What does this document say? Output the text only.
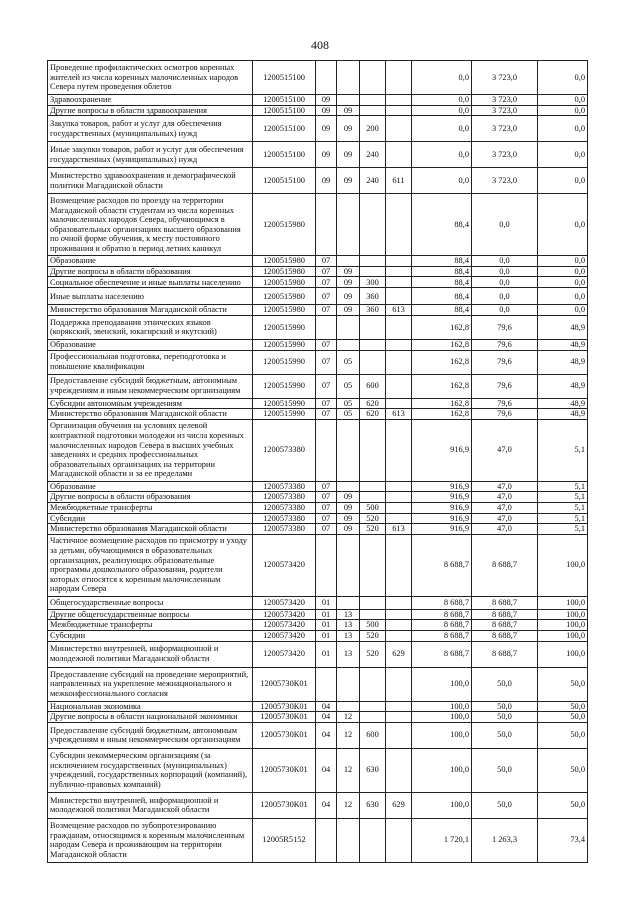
408
Проведение профилактических осмотров коренных жителей из числа коренных малочисленных народов Севера путем проведения облетов	1200515100					0,0	3 723,0	0,0
Здравоохранение	1200515100	09				0,0	3 723,0	0,0
Другие вопросы в области здравоохранения	1200515100	09	09			0,0	3 723,0	0,0
Закупка товаров, работ и услуг для обеспечения государственных (муниципальных) нужд	1200515100	09	09	200		0,0	3 723,0	0,0
Иные закупки товаров, работ и услуг для обеспечения государственных (муниципальных) нужд	1200515100	09	09	240		0,0	3 723,0	0,0
Министерство здравоохранения и демографической политики Магаданской области	1200515100	09	09	240	611	0,0	3 723,0	0,0
Возмещение расходов по проезду на территории Магаданской области студентам из числа коренных малочисленных народов Севера, обучающимся в образовательных организациях высшего образования по очной форме обучения, к месту постоянного проживания и обратно в период летних каникул	1200515980					88,4	0,0	0,0
Образование	1200515980	07				88,4	0,0	0,0
Другие вопросы в области образования	1200515980	07	09			88,4	0,0	0,0
Социальное обеспечение и иные выплаты населению	1200515980	07	09	300		88,4	0,0	0,0
Иные выплаты населению	1200515980	07	09	360		88,4	0,0	0,0
Министерство образования Магаданской области	1200515980	07	09	360	613	88,4	0,0	0,0
Поддержка преподавания этнических языков (корякский, эвенский, юкагирский и якутский)	1200515990					162,8	79,6	48,9
Образование	1200515990	07				162,8	79,6	48,9
Профессиональная подготовка, переподготовка и повышение квалификации	1200515990	07	05			162,8	79,6	48,9
Предоставление субсидий бюджетным, автономным учреждениям и иным некоммерческим организациям	1200515990	07	05	600		162,8	79,6	48,9
Субсидии автономным учреждениям	1200515990	07	05	620		162,8	79,6	48,9
Министерство образования Магаданской области	1200515990	07	05	620	613	162,8	79,6	48,9
Организация обучения на условиях целевой контрактной подготовки молодежи из числа коренных малочисленных народов Севера в высших учебных заведениях и средних профессиональных образовательных организациях на территории Магаданской области и за ее пределами	1200573380					916,9	47,0	5,1
Образование	1200573380	07				916,9	47,0	5,1
Другие вопросы в области образования	1200573380	07	09			916,9	47,0	5,1
Межбюджетные трансферты	1200573380	07	09	500		916,9	47,0	5,1
Субсидии	1200573380	07	09	520		916,9	47,0	5,1
Министерство образования Магаданской области	1200573380	07	09	520	613	916,9	47,0	5,1
Частичное возмещение расходов по присмотру и уходу за детьми, обучающимися в образовательных организациях, реализующих образовательные программы дошкольного образования, родители которых относятся к коренным малочисленным народам Севера	1200573420					8 688,7	8 688,7	100,0
Общегосударственные вопросы	1200573420	01				8 688,7	8 688,7	100,0
Другие общегосударственные вопросы	1200573420	01	13			8 688,7	8 688,7	100,0
Межбюджетные трансферты	1200573420	01	13	500		8 688,7	8 688,7	100,0
Субсидии	1200573420	01	13	520		8 688,7	8 688,7	100,0
Министерство внутренней, информационной и молодежной политики Магаданской области	1200573420	01	13	520	629	8 688,7	8 688,7	100,0
Предоставление субсидий на проведение мероприятий, направленных на укрепление межнационального и межконфессионального согласия	12005730К01					100,0	50,0	50,0
Национальная экономика	12005730К01	04				100,0	50,0	50,0
Другие вопросы в области национальной экономики	12005730К01	04	12			100,0	50,0	50,0
Предоставление субсидий бюджетным, автономным учреждениям и иным некоммерческим организациям	12005730К01	04	12	600		100,0	50,0	50,0
Субсидии некоммерческим организациям (за исключением государственных (муниципальных) учреждений, государственных корпораций (компаний), публично-правовых компаний)	12005730К01	04	12	630		100,0	50,0	50,0
Министерство внутренней, информационной и молодежной политики Магаданской области	12005730К01	04	12	630	629	100,0	50,0	50,0
Возмещение расходов по зубопротезированию гражданам, относящимся к коренным малочисленным народам Севера и проживающим на территории Магаданской области	12005R5152					1 720,1	1 263,3	73,4
